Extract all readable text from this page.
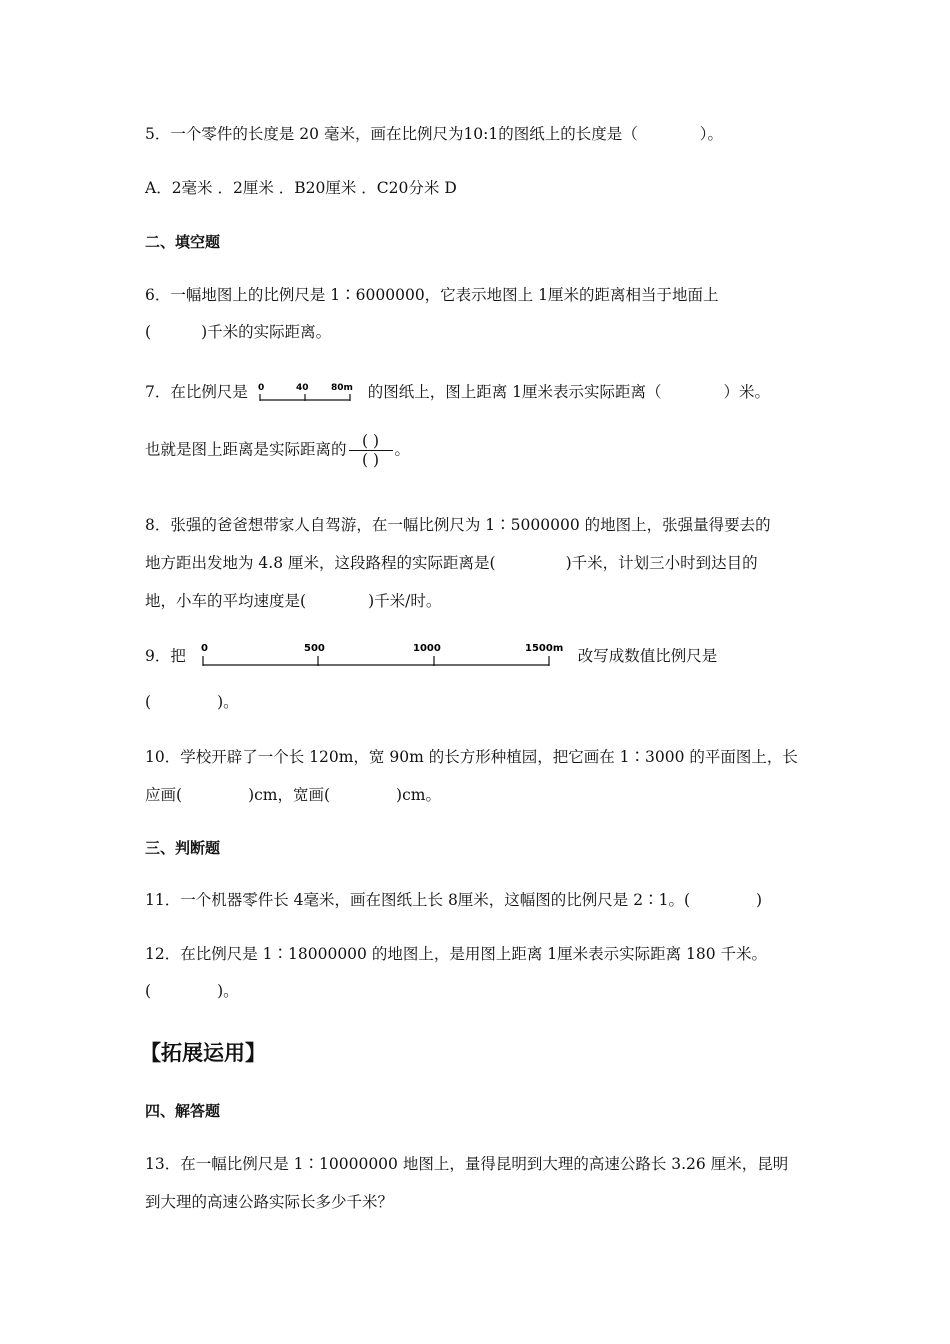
5．一个零件的长度是 20 毫米，画在比例尺为10:1的图纸上的长度是（	）。
A．2毫米 ．2厘米 ．B20厘米 ．C20分米 D
二、填空题
6．一幅地图上的比例尺是 1∶6000000，它表示地图上 1厘米的距离相当于地面上
(	)千米的实际距离。
7．在比例尺是 0	40 80m 的图纸上，图上距离 1厘米表示实际距离（	）米。
也就是图上距离是实际距离的 $\frac{( )}{( )}$ 。
8．张强的爸爸想带家人自驾游，在一幅比例尺为 1∶5000000 的地图上，张强量得要去的
地方距出发地为 4.8 厘米，这段路程的实际距离是(	)千米，计划三小时到达目的
地，小车的平均速度是(	)千米/时。
9．把 0	500	1000	1500m 改写成数值比例尺是
(	)。
10．学校开辟了一个长 120m，宽 90m 的长方形种植园，把它画在 1∶3000 的平面图上，长
应画(	)cm，宽画(	)cm。
三、判断题
11．一个机器零件长 4毫米，画在图纸上长 8厘米，这幅图的比例尺是 2∶1。(	)
12．在比例尺是 1∶18000000 的地图上，是用图上距离 1厘米表示实际距离 180 千米。
(	)。
【拓展运用】
四、解答题
13．在一幅比例尺是 1∶10000000 地图上，量得昆明到大理的高速公路长 3.26 厘米，昆明
到大理的高速公路实际长多少千米？
